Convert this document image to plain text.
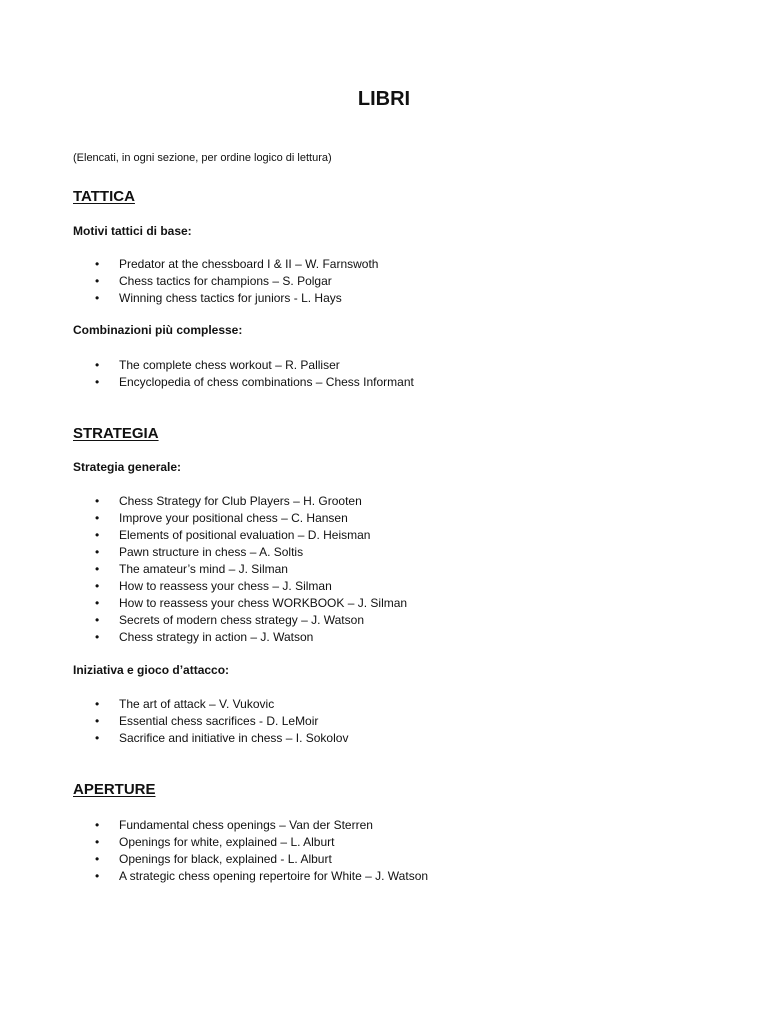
LIBRI
(Elencati, in ogni sezione, per ordine logico di lettura)
TATTICA
Motivi tattici di base:
• Predator at the chessboard I & II – W. Farnswoth
• Chess tactics for champions – S. Polgar
• Winning chess tactics for juniors - L. Hays
Combinazioni più complesse:
• The complete chess workout – R. Palliser
• Encyclopedia of chess combinations – Chess Informant
STRATEGIA
Strategia generale:
• Chess Strategy for Club Players – H. Grooten
• Improve your positional chess – C. Hansen
• Elements of positional evaluation – D. Heisman
• Pawn structure in chess – A. Soltis
• The amateur’s mind – J. Silman
• How to reassess your chess – J. Silman
• How to reassess your chess WORKBOOK – J. Silman
• Secrets of modern chess strategy – J. Watson
• Chess strategy in action – J. Watson
Iniziativa e gioco d’attacco:
• The art of attack – V. Vukovic
• Essential chess sacrifices - D. LeMoir
• Sacrifice and initiative in chess – I. Sokolov
APERTURE
• Fundamental chess openings – Van der Sterren
• Openings for white, explained – L. Alburt
• Openings for black, explained - L. Alburt
• A strategic chess opening repertoire for White – J. Watson
